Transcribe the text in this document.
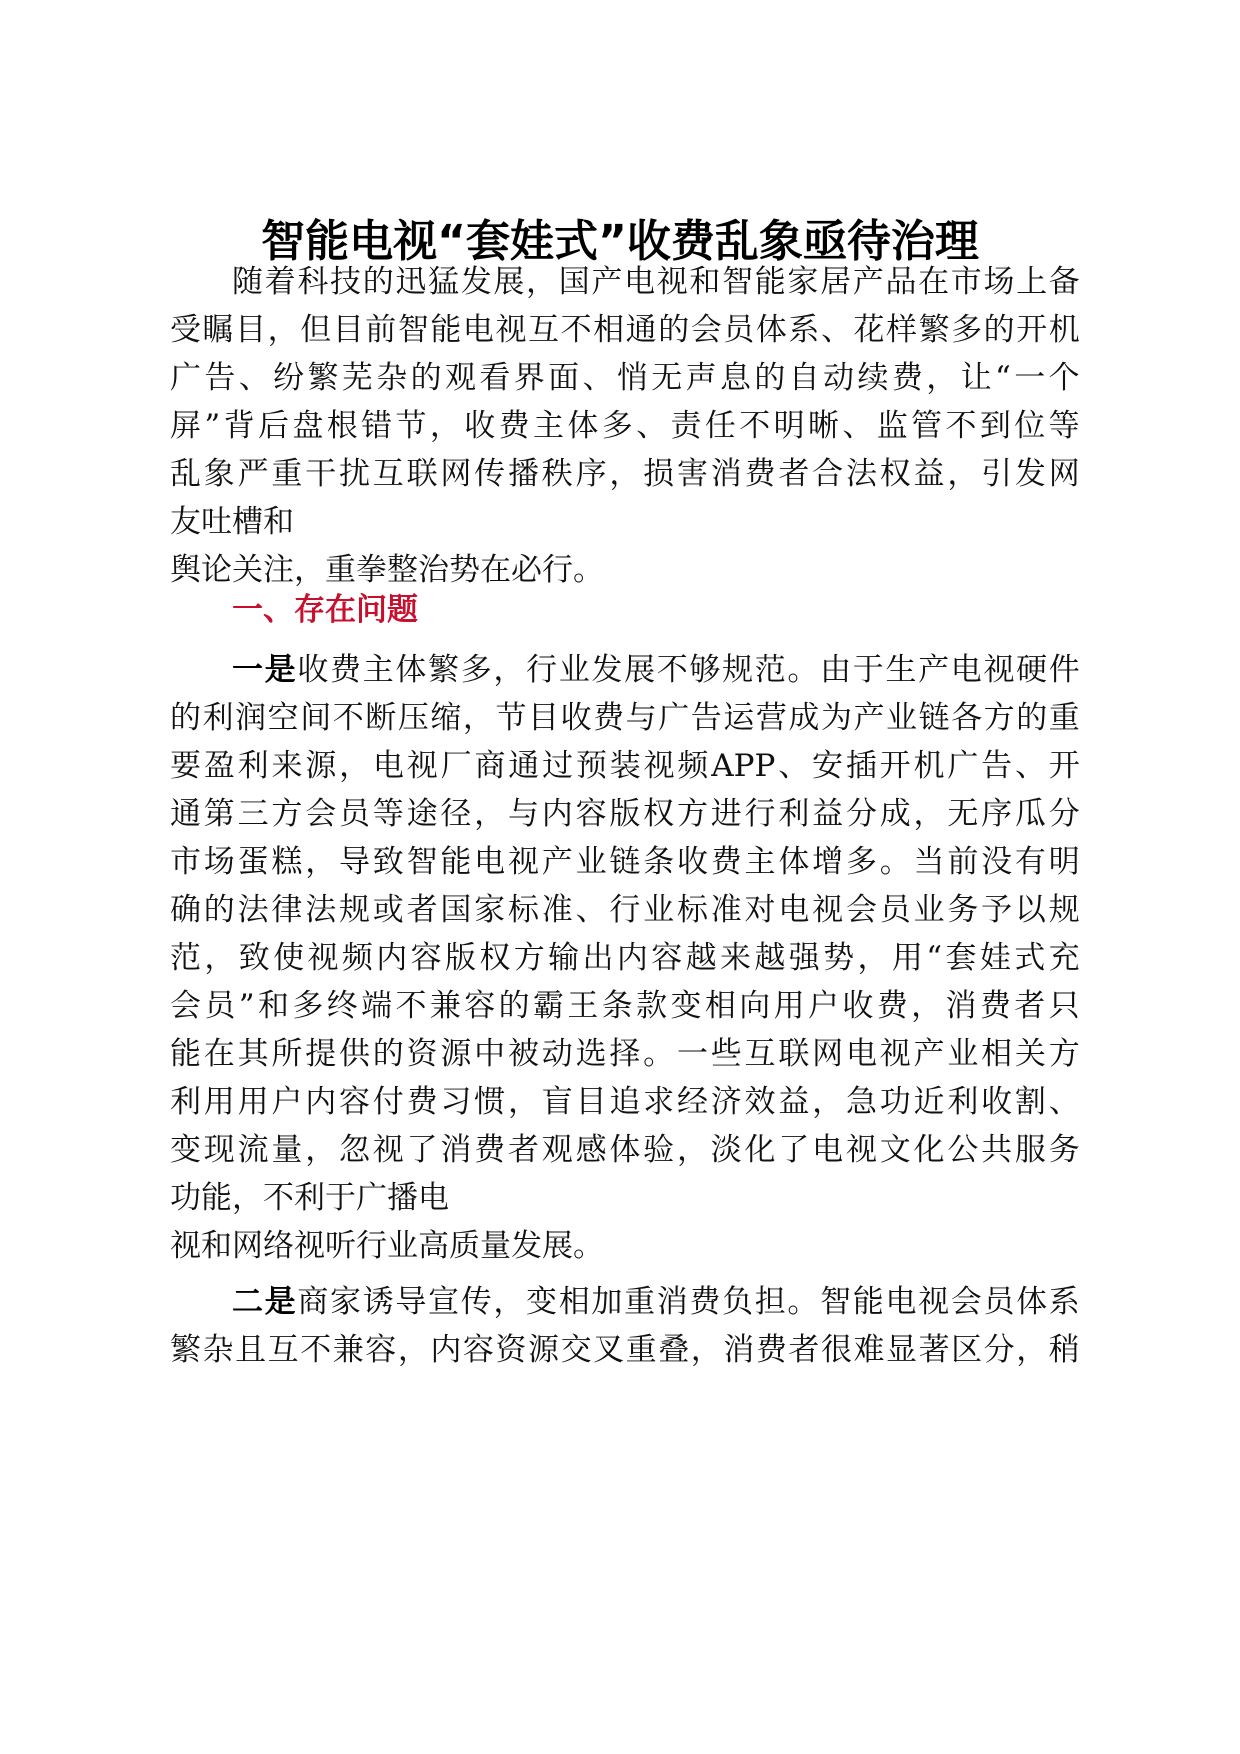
智能电视“套娃式”收费乱象亟待治理
随 着 科 技 的 迅 猛 发 展 ， 国 产 电 视 和 智 能 家 居 产 品 在 市 场 上 备
受 瞩 目 ， 但 目 前 智 能 电 视 互 不 相 通 的 会 员 体 系 、 花 样 繁 多 的 开 机
广 告 、 纷 繁 芜 杂 的 观 看 界 面 、 悄 无 声 息 的 自 动 续 费 ， 让 “ 一 个
屏 ” 背 后 盘 根 错 节 ， 收 费 主 体 多 、 责 任 不 明 晰 、 监 管 不 到 位 等
乱 象 严 重 干 扰 互 联 网 传 播 秩 序 ， 损 害 消 费 者 合 法 权 益 ， 引 发 网
友吐槽和
舆论关注，重拳整治势在必行。
一 是 收 费 主 体 繁 多 ， 行 业 发 展 不 够 规 范 。 由 于 生 产 电 视 硬 件
的 利 润 空 间 不 断 压 缩 ， 节 目 收 费 与 广 告 运 营 成 为 产 业 链 各 方 的 重
要 盈 利 来 源 ， 电 视 厂 商 通 过 预 装 视 频 APP 、 安 插 开 机 广 告 、 开
通 第 三 方 会 员 等 途 径 ， 与 内 容 版 权 方 进 行 利 益 分 成 ， 无 序 瓜 分
市 场 蛋 糕 ， 导 致 智 能 电 视 产 业 链 条 收 费 主 体 增 多 。 当 前 没 有 明
确 的 法 律 法 规 或 者 国 家 标 准 、 行 业 标 准 对 电 视 会 员 业 务 予 以 规
范 ， 致 使 视 频 内 容 版 权 方 输 出 内 容 越 来 越 强 势 ， 用 “ 套 娃 式 充
会 员 ” 和 多 终 端 不 兼 容 的 霸 王 条 款 变 相 向 用 户 收 费 ， 消 费 者 只
能 在 其 所 提 供 的 资 源 中 被 动 选 择 。 一 些 互 联 网 电 视 产 业 相 关 方
利 用 用 户 内 容 付 费 习 惯 ， 盲 目 追 求 经 济 效 益 ， 急 功 近 利 收 割 、
变 现 流 量 ， 忽 视 了 消 费 者 观 感 体 验 ， 淡 化 了 电 视 文 化 公 共 服 务
功能，不利于广播电
视和网络视听行业高质量发展。
二 是 商 家 诱 导 宣 传 ， 变 相 加 重 消 费 负 担 。 智 能 电 视 会 员 体 系
繁 杂 且 互 不 兼 容 ， 内 容 资 源 交 叉 重 叠 ， 消 费 者 很 难 显 著 区 分 ， 稍
一、存在问题
